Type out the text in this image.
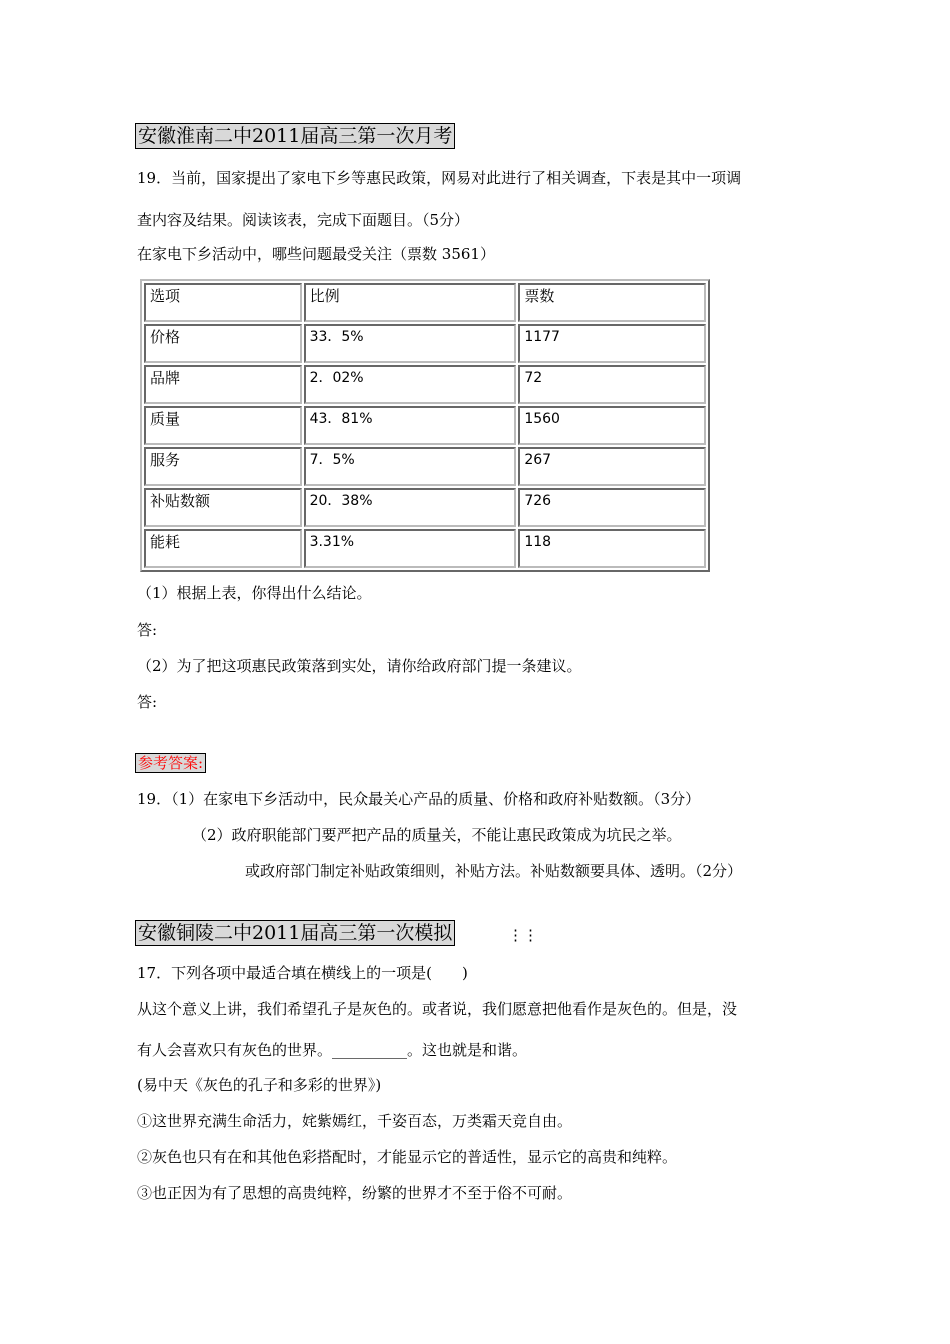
安徽淮南二中2011届高三第一次月考
19．当前，国家提出了家电下乡等惠民政策，网易对此进行了相关调查，下表是其中一项调
查内容及结果。阅读该表，完成下面题目。（5分）
在家电下乡活动中，哪些问题最受关注（票数 3561）
选项	比例	票数
价格	33．5%	1177
品牌	2．02%	72
质量	43．81%	1560
服务	7．5%	267
补贴数额	20．38%	726
能耗	3.31%	118
（1）根据上表，你得出什么结论。
答:
（2）为了把这项惠民政策落到实处，请你给政府部门提一条建议。
答:
参考答案:
19．（1）在家电下乡活动中，民众最关心产品的质量、价格和政府补贴数额。（3分）
（2）政府职能部门要严把产品的质量关，不能让惠民政策成为坑民之举。
或政府部门制定补贴政策细则，补贴方法。补贴数额要具体、透明。（2分）
安徽铜陵二中2011届高三第一次模拟	⋮⋮
17．下列各项中最适合填在横线上的一项是(　　)
从这个意义上讲，我们希望孔子是灰色的。或者说，我们愿意把他看作是灰色的。但是，没
有人会喜欢只有灰色的世界。__________。这也就是和谐。
(易中天《灰色的孔子和多彩的世界》)
①这世界充满生命活力，姹紫嫣红，千姿百态，万类霜天竞自由。
②灰色也只有在和其他色彩搭配时，才能显示它的普适性，显示它的高贵和纯粹。
③也正因为有了思想的高贵纯粹，纷繁的世界才不至于俗不可耐。
